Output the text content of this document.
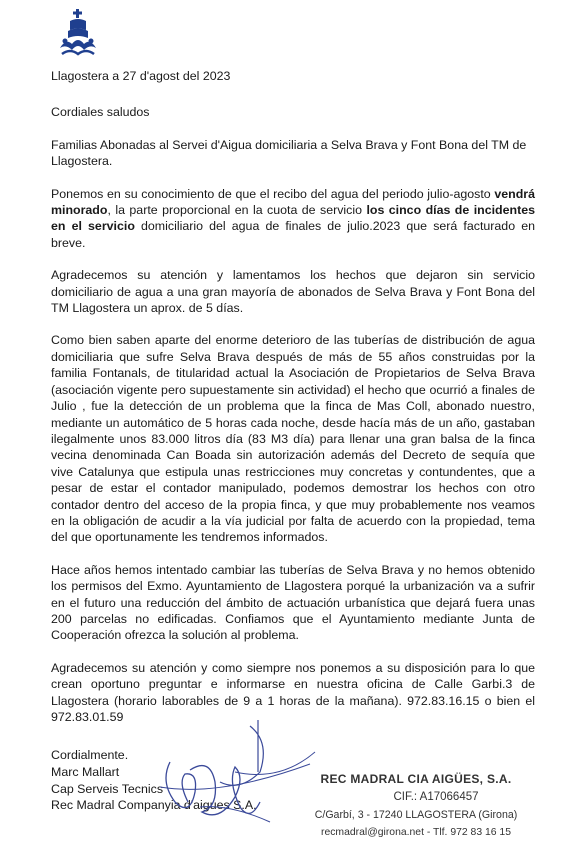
Llagostera a 27 d'agost del 2023

Cordiales saludos

Familias Abonadas al Servei d'Aigua domiciliaria a Selva Brava y Font Bona del TM de Llagostera.

Ponemos en su conocimiento de que el recibo del agua del periodo julio-agosto vendrá minorado, la parte proporcional en la cuota de servicio los cinco días de incidentes en el servicio domiciliario del agua de finales de julio.2023 que será facturado en breve.

Agradecemos su atención y lamentamos los hechos que dejaron sin servicio domiciliario de agua a una gran mayoría de abonados de Selva Brava y Font Bona del TM Llagostera un aprox. de 5 días.

Como bien saben aparte del enorme deterioro de las tuberías de distribución de agua domiciliaria que sufre Selva Brava después de más de 55 años construidas por la familia Fontanals, de titularidad actual la Asociación de Propietarios de Selva Brava (asociación vigente pero supuestamente sin actividad) el hecho que ocurrió a finales de Julio , fue la detección de un problema que la finca de Mas Coll, abonado nuestro, mediante un automático de 5 horas cada noche, desde hacía más de un año, gastaban ilegalmente unos 83.000 litros día (83 M3 día) para llenar una gran balsa de la finca vecina denominada Can Boada sin autorización además del Decreto de sequía que vive Catalunya que estipula unas restricciones muy concretas y contundentes, que a pesar de estar el contador manipulado, podemos demostrar los hechos con otro contador dentro del acceso de la propia finca, y que muy probablemente nos veamos en la obligación de acudir a la vía judicial por falta de acuerdo con la propiedad, tema del que oportunamente les tendremos informados.

Hace años hemos intentado cambiar las tuberías de Selva Brava y no hemos obtenido los permisos del Exmo. Ayuntamiento de Llagostera porqué la urbanización va a sufrir en el futuro una reducción del ámbito de actuación urbanística que dejará fuera unas 200 parcelas no edificadas. Confiamos que el Ayuntamiento mediante Junta de Cooperación ofrezca la solución al problema.

Agradecemos su atención y como siempre nos ponemos a su disposición para lo que crean oportuno preguntar e informarse en nuestra oficina de Calle Garbi.3 de Llagostera (horario laborables de 9 a 1 horas de la mañana). 972.83.16.15 o bien el 972.83.01.59

Cordialmente.
Marc Mallart
Cap Serveis Tecnics
Rec Madral Companyia d'aigues S.A.
REC MADRAL CIA AIGÜES, S.A.
CIF.: A17066457
C/Garbí, 3 - 17240 LLAGOSTERA (Girona)
recmadral@girona.net - Tlf. 972 83 16 15
